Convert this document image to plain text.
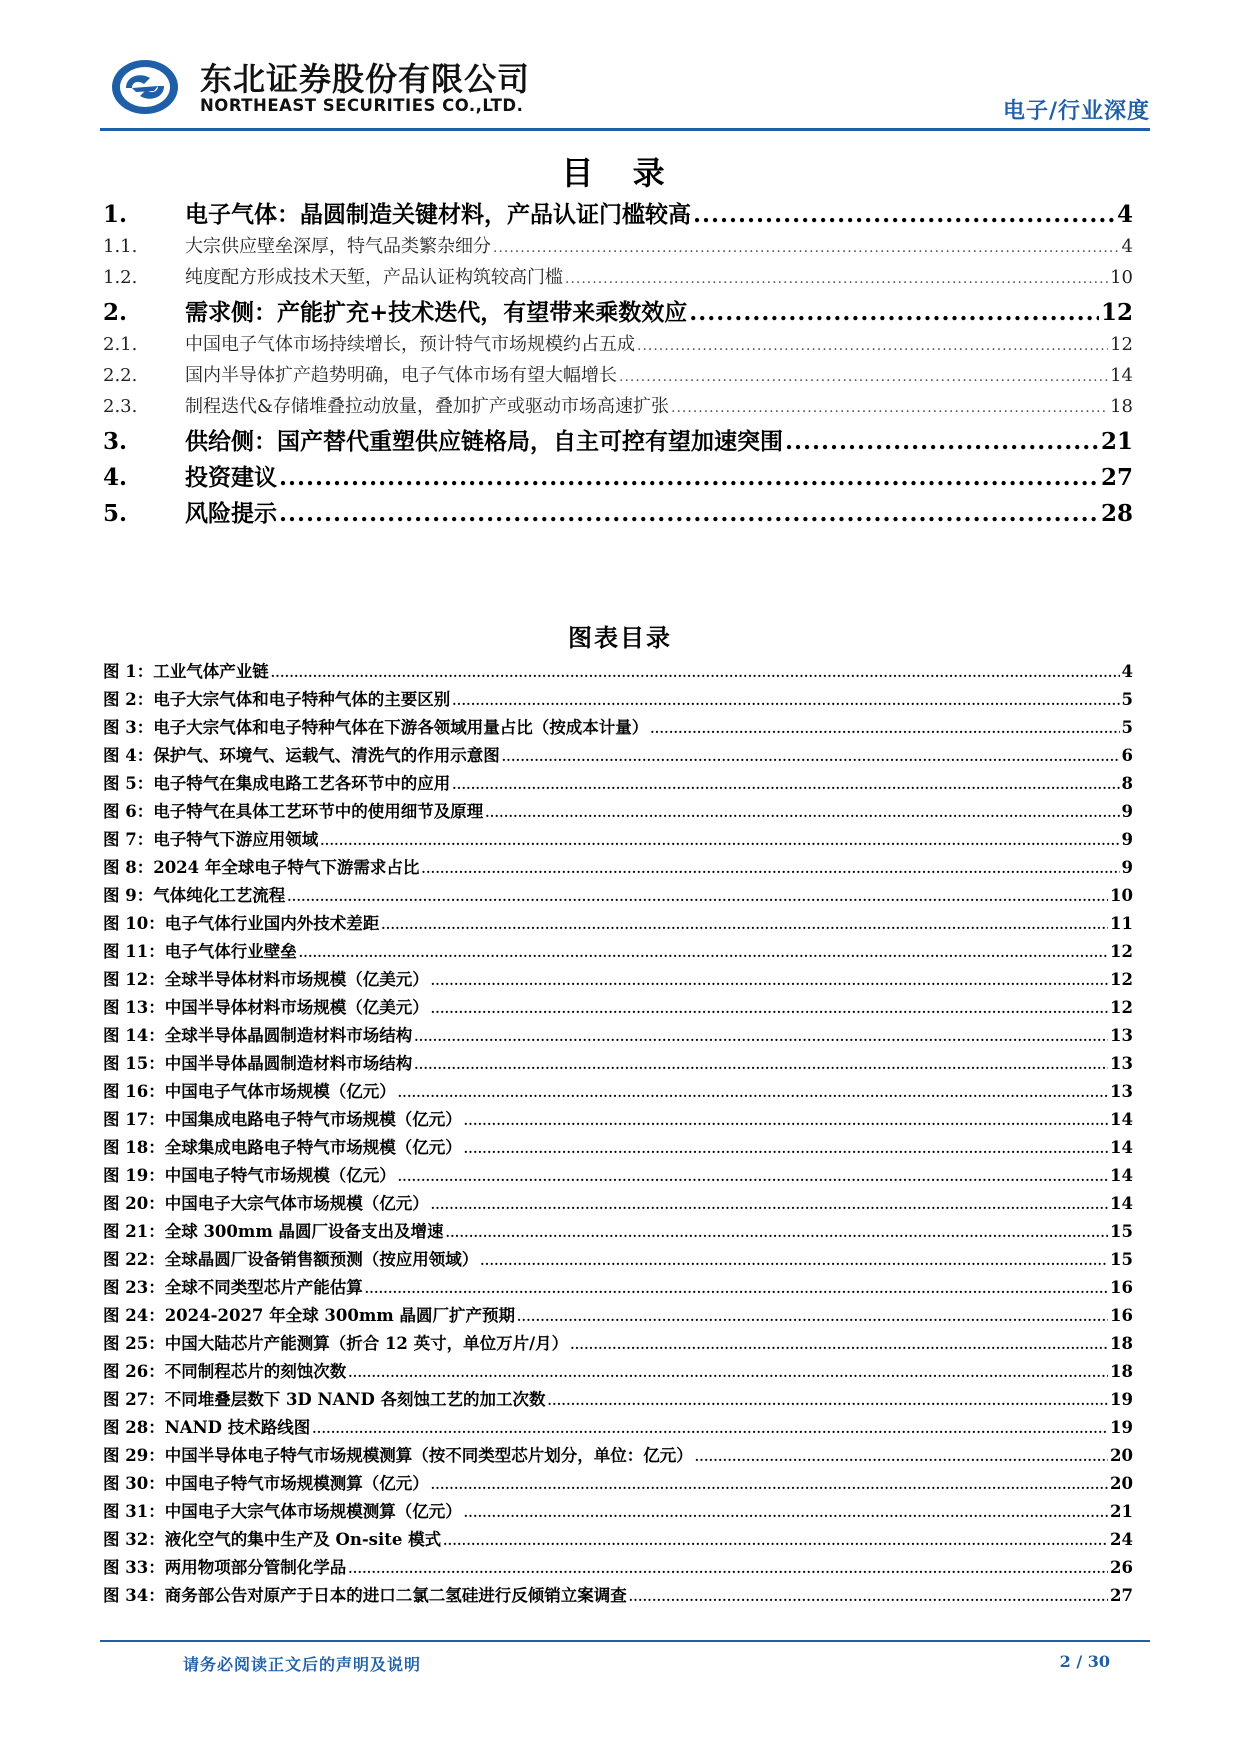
东北证券股份有限公司
NORTHEAST SECURITIES CO.,LTD.	电子/行业深度
目 录
1.	电子气体：晶圆制造关键材料，产品认证门槛较高 .....	4
1.1.	大宗供应壁垒深厚，特气品类繁杂细分 .....	4
1.2.	纯度配方形成技术天堑，产品认证构筑较高门槛 .....	10
2.	需求侧：产能扩充+技术迭代，有望带来乘数效应 .....	12
2.1.	中国电子气体市场持续增长，预计特气市场规模约占五成 .....	12
2.2.	国内半导体扩产趋势明确，电子气体市场有望大幅增长 .....	14
2.3.	制程迭代&存储堆叠拉动放量，叠加扩产或驱动市场高速扩张 .....	18
3.	供给侧：国产替代重塑供应链格局，自主可控有望加速突围 .....	21
4.	投资建议 .....	27
5.	风险提示 .....	28
图表目录
图 1：工业气体产业链 .....	4
图 2：电子大宗气体和电子特种气体的主要区别 .....	5
图 3：电子大宗气体和电子特种气体在下游各领域用量占比（按成本计量） .....	5
图 4：保护气、环境气、运载气、清洗气的作用示意图 .....	6
图 5：电子特气在集成电路工艺各环节中的应用 .....	8
图 6：电子特气在具体工艺环节中的使用细节及原理 .....	9
图 7：电子特气下游应用领域 .....	9
图 8：2024 年全球电子特气下游需求占比 .....	9
图 9：气体纯化工艺流程 .....	10
图 10：电子气体行业国内外技术差距 .....	11
图 11：电子气体行业壁垒 .....	12
图 12：全球半导体材料市场规模（亿美元） .....	12
图 13：中国半导体材料市场规模（亿美元） .....	12
图 14：全球半导体晶圆制造材料市场结构 .....	13
图 15：中国半导体晶圆制造材料市场结构 .....	13
图 16：中国电子气体市场规模（亿元） .....	13
图 17：中国集成电路电子特气市场规模（亿元） .....	14
图 18：全球集成电路电子特气市场规模（亿元） .....	14
图 19：中国电子特气市场规模（亿元） .....	14
图 20：中国电子大宗气体市场规模（亿元） .....	14
图 21：全球 300mm 晶圆厂设备支出及增速 .....	15
图 22：全球晶圆厂设备销售额预测（按应用领域） .....	15
图 23：全球不同类型芯片产能估算 .....	16
图 24：2024-2027 年全球 300mm 晶圆厂扩产预期 .....	16
图 25：中国大陆芯片产能测算（折合 12 英寸，单位万片/月） .....	18
图 26：不同制程芯片的刻蚀次数 .....	18
图 27：不同堆叠层数下 3D NAND 各刻蚀工艺的加工次数 .....	19
图 28：NAND 技术路线图 .....	19
图 29：中国半导体电子特气市场规模测算（按不同类型芯片划分，单位：亿元） .....	20
图 30：中国电子特气市场规模测算（亿元） .....	20
图 31：中国电子大宗气体市场规模测算（亿元） .....	21
图 32：液化空气的集中生产及 On-site 模式 .....	24
图 33：两用物项部分管制化学品 .....	26
图 34：商务部公告对原产于日本的进口二氯二氢硅进行反倾销立案调查 .....	27
请务必阅读正文后的声明及说明	2 / 30
